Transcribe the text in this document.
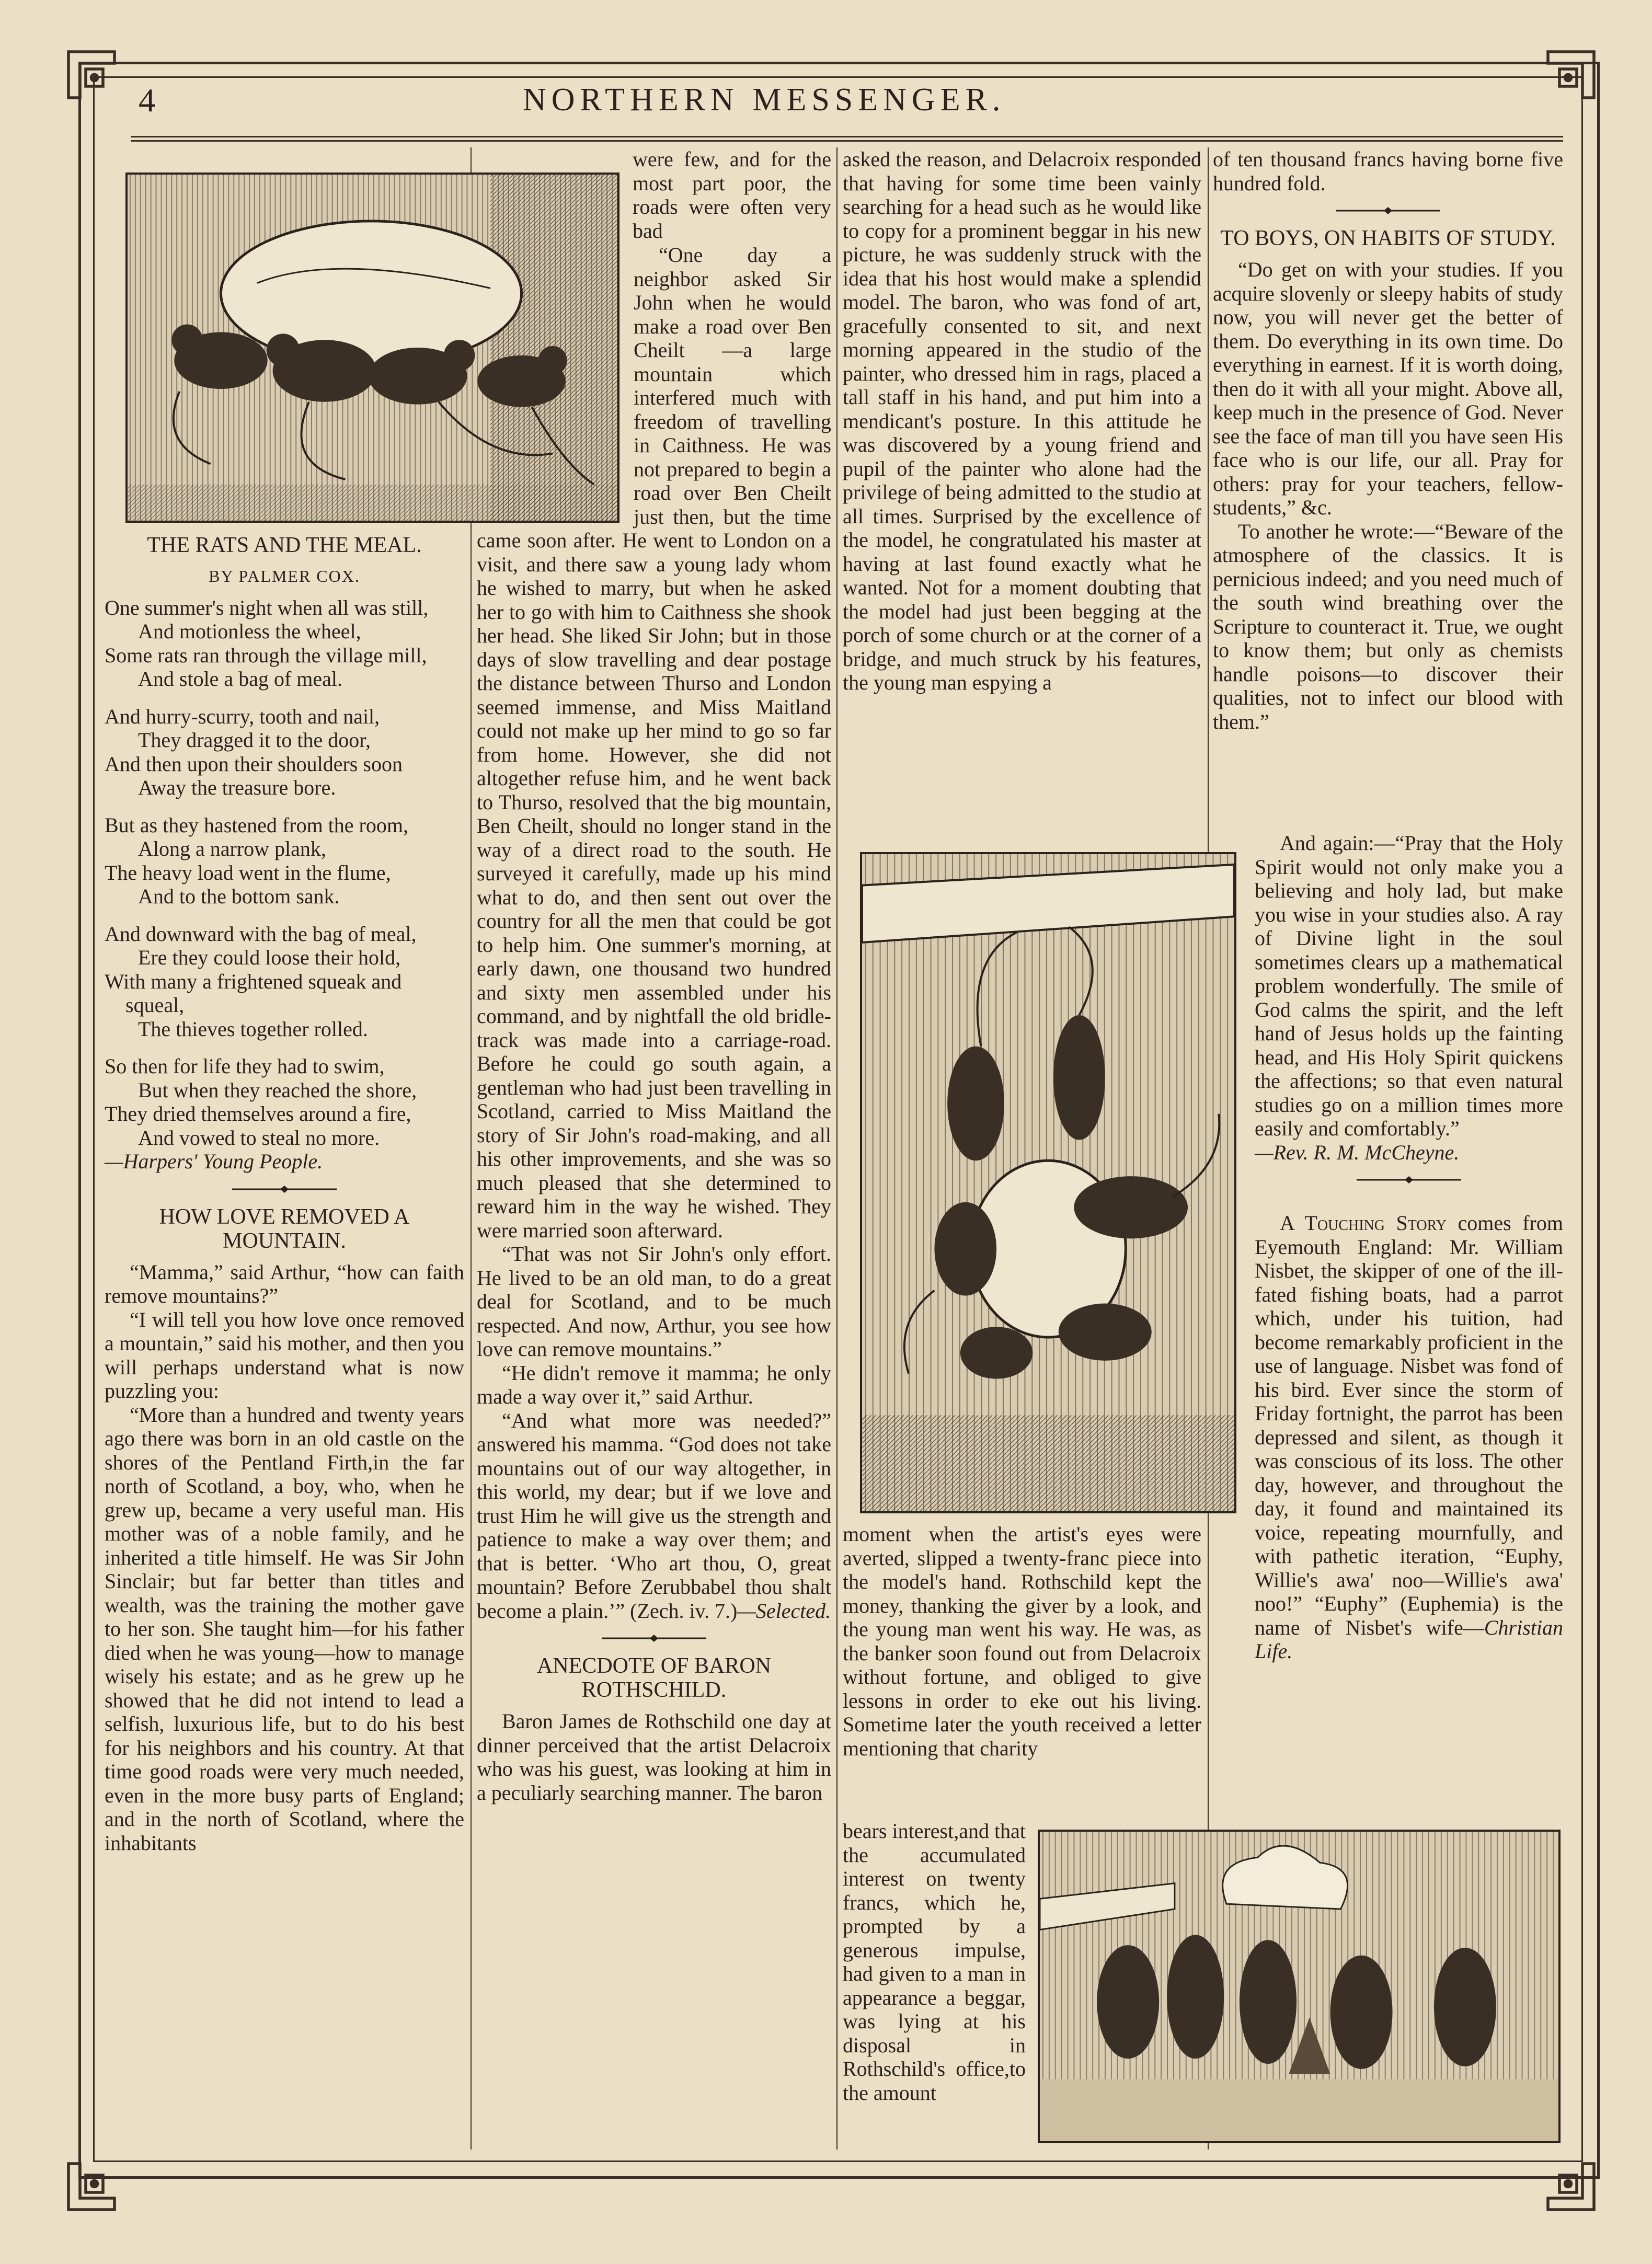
4	NORTHERN MESSENGER.
THE RATS AND THE MEAL.
BY PALMER COX.
One summer's night when all was still,
And motionless the wheel,
Some rats ran through the village mill,
And stole a bag of meal.
And hurry-scurry, tooth and nail,
They dragged it to the door,
And then upon their shoulders soon
Away the treasure bore.
But as they hastened from the room,
Along a narrow plank,
The heavy load went in the flume,
And to the bottom sank.
And downward with the bag of meal,
Ere they could loose their hold,
With many a frightened squeak and squeal,
The thieves together rolled.
So then for life they had to swim,
But when they reached the shore,
They dried themselves around a fire,
And vowed to steal no more.
—Harpers' Young People.
HOW LOVE REMOVED A MOUNTAIN.

“Mamma,” said Arthur, “how can faith remove mountains?”

“I will tell you how love once removed a mountain,” said his mother, and then you will perhaps understand what is now puzzling you:

“More than a hundred and twenty years ago there was born in an old castle on the shores of the Pentland Firth,in the far north of Scotland, a boy, who, when he grew up, became a very useful man. His mother was of a noble family, and he inherited a title himself. He was Sir John Sinclair; but far better than titles and wealth, was the training the mother gave to her son. She taught him—for his father died when he was young—how to manage wisely his estate; and as he grew up he showed that he did not intend to lead a selfish, luxurious life, but to do his best for his neighbors and his country. At that time good roads were very much needed, even in the more busy parts of England; and in the north of Scotland, where the inhabitants

were few, and for the most part poor, the roads were often very bad

“One day a neighbor asked Sir John when he would make a road over Ben Cheilt —a large mountain which interfered much with freedom of travelling in Caithness. He was not prepared to begin a road over Ben Cheilt just then, but the time came soon after. He went to London on a visit, and there saw a young lady whom he wished to marry, but when he asked her to go with him to Caithness she shook her head. She liked Sir John; but in those days of slow travelling and dear postage the distance between Thurso and London seemed immense, and Miss Maitland could not make up her mind to go so far from home. However, she did not altogether refuse him, and he went back to Thurso, resolved that the big mountain, Ben Cheilt, should no longer stand in the way of a direct road to the south. He surveyed it carefully, made up his mind what to do, and then sent out over the country for all the men that could be got to help him. One summer's morning, at early dawn, one thousand two hundred and sixty men assembled under his command, and by nightfall the old bridle-track was made into a carriage-road. Before he could go south again, a gentleman who had just been travelling in Scotland, carried to Miss Maitland the story of Sir John's road-making, and all his other improvements, and she was so much pleased that she determined to reward him in the way he wished. They were married soon afterward.

“That was not Sir John's only effort. He lived to be an old man, to do a great deal for Scotland, and to be much respected. And now, Arthur, you see how love can remove mountains.”

“He didn't remove it mamma; he only made a way over it,” said Arthur.

“And what more was needed?” answered his mamma. “God does not take mountains out of our way altogether, in this world, my dear; but if we love and trust Him he will give us the strength and patience to make a way over them; and that is better. ‘Who art thou, O, great mountain? Before Zerubbabel thou shalt become a plain.’” (Zech. iv. 7.)—Selected.

ANECDOTE OF BARON ROTHSCHILD.

Baron James de Rothschild one day at dinner perceived that the artist Delacroix who was his guest, was looking at him in a peculiarly searching manner. The baron

asked the reason, and Delacroix responded that having for some time been vainly searching for a head such as he would like to copy for a prominent beggar in his new picture, he was suddenly struck with the idea that his host would make a splendid model. The baron, who was fond of art, gracefully consented to sit, and next morning appeared in the studio of the painter, who dressed him in rags, placed a tall staff in his hand, and put him into a mendicant's posture. In this attitude he was discovered by a young friend and pupil of the painter who alone had the privilege of being admitted to the studio at all times. Surprised by the excellence of the model, he congratulated his master at having at last found exactly what he wanted. Not for a moment doubting that the model had just been begging at the porch of some church or at the corner of a bridge, and much struck by his features, the young man espying a

moment when the artist's eyes were averted, slipped a twenty-franc piece into the model's hand. Rothschild kept the money, thanking the giver by a look, and the young man went his way. He was, as the banker soon found out from Delacroix without fortune, and obliged to give lessons in order to eke out his living. Sometime later the youth received a letter mentioning that charity

bears interest,and that the accumulated interest on twenty francs, which he, prompted by a generous impulse, had given to a man in appearance a beggar, was lying at his disposal in Rothschild's office,to the amount

of ten thousand francs having borne five hundred fold.

TO BOYS, ON HABITS OF STUDY.

“Do get on with your studies. If you acquire slovenly or sleepy habits of study now, you will never get the better of them. Do everything in its own time. Do everything in earnest. If it is worth doing, then do it with all your might. Above all, keep much in the presence of God. Never see the face of man till you have seen His face who is our life, our all. Pray for others: pray for your teachers, fellow-students,” &c.

To another he wrote:—“Beware of the atmosphere of the classics. It is pernicious indeed; and you need much of the south wind breathing over the Scripture to counteract it. True, we ought to know them; but only as chemists handle poisons—to discover their qualities, not to infect our blood with them.”

And again:—“Pray that the Holy Spirit would not only make you a believing and holy lad, but make you wise in your studies also. A ray of Divine light in the soul sometimes clears up a mathematical problem wonderfully. The smile of God calms the spirit, and the left hand of Jesus holds up the fainting head, and His Holy Spirit quickens the affections; so that even natural studies go on a million times more easily and comfortably.”

—Rev. R. M. McCheyne.

A Touching Story comes from Eyemouth England: Mr. William Nisbet, the skipper of one of the ill-fated fishing boats, had a parrot which, under his tuition, had become remarkably proficient in the use of language. Nisbet was fond of his bird. Ever since the storm of Friday fortnight, the parrot has been depressed and silent, as though it was conscious of its loss. The other day, however, and throughout the day, it found and maintained its voice, repeating mournfully, and with pathetic iteration, “Euphy, Willie's awa' noo—Willie's awa' noo!” “Euphy” (Euphemia) is the name of Nisbet's wife—Christian Life.
